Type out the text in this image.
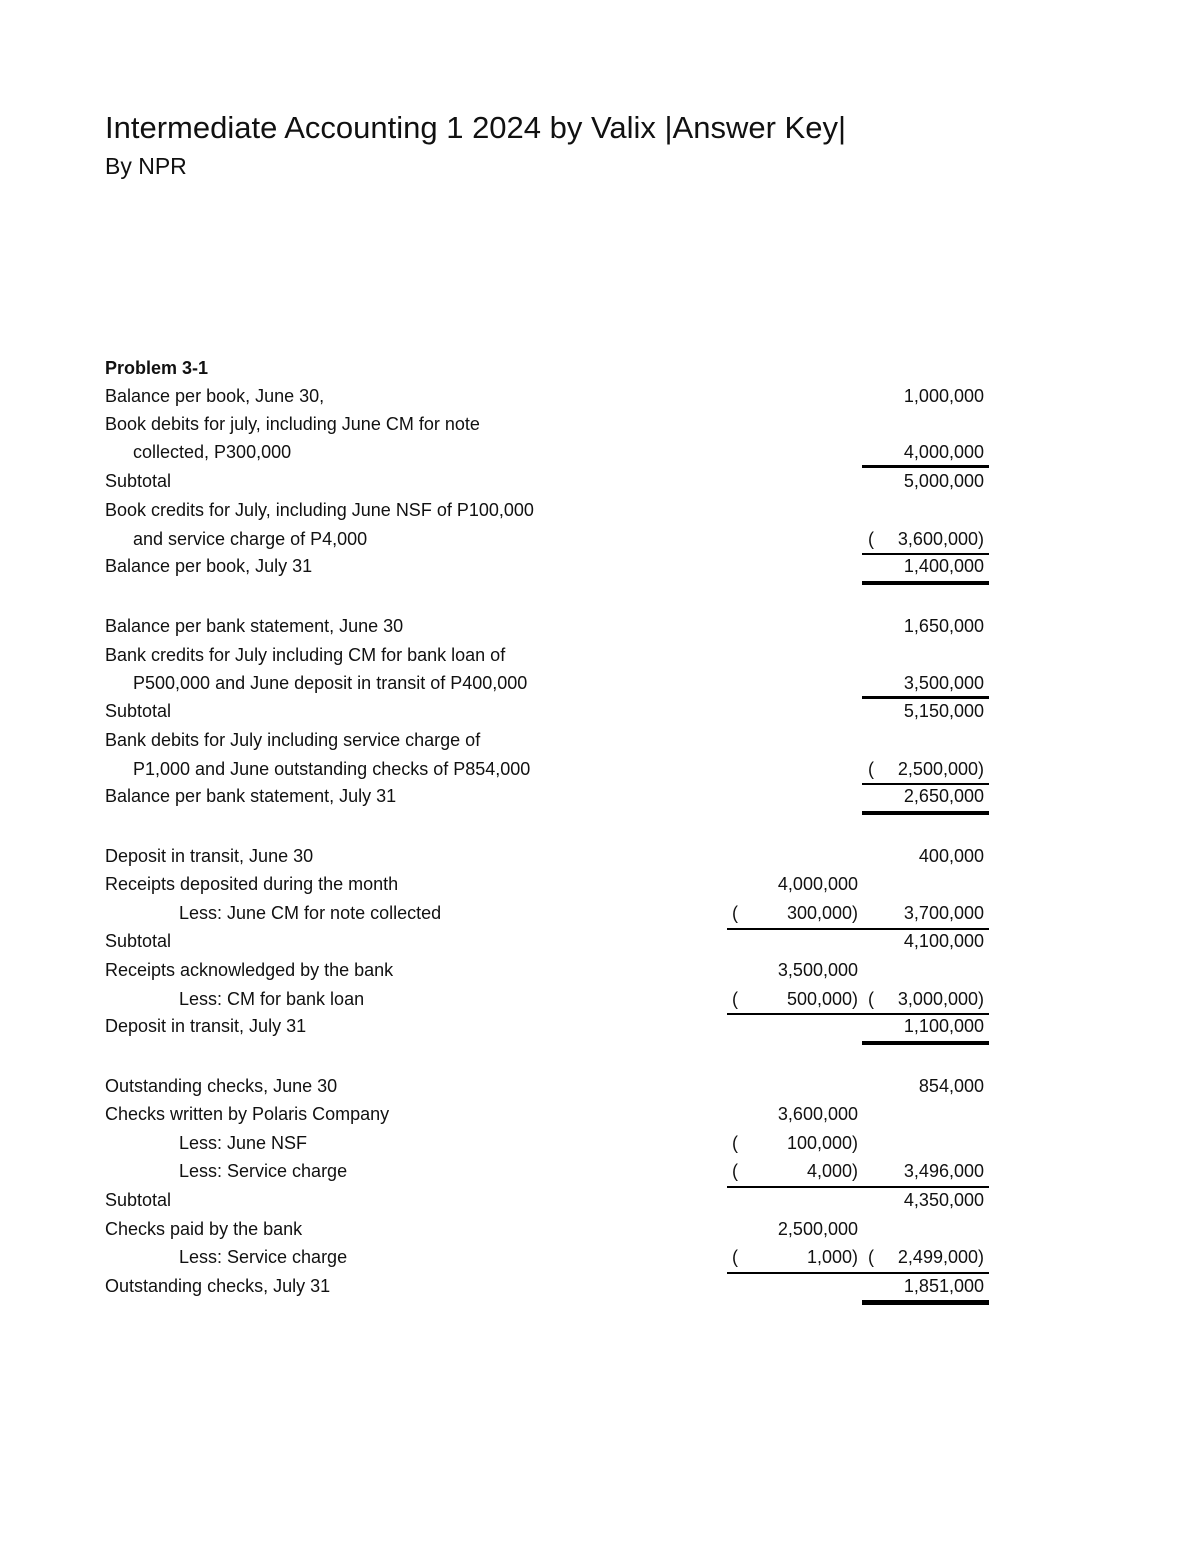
Intermediate Accounting 1 2024 by Valix |Answer Key|
By NPR
Problem 3-1
Balance per book, June 30,	1,000,000
Book debits for july, including June CM for note
collected, P300,000	4,000,000
Subtotal	5,000,000
Book credits for July, including June NSF of P100,000
and service charge of P4,000	(	3,600,000)
Balance per book, July 31	1,400,000
Balance per bank statement, June 30	1,650,000
Bank credits for July including CM for bank loan of
P500,000 and June deposit in transit of P400,000	3,500,000
Subtotal	5,150,000
Bank debits for July including service charge of
P1,000 and June outstanding checks of P854,000	(	2,500,000)
Balance per bank statement, July 31	2,650,000
Deposit in transit, June 30	400,000
Receipts deposited during the month	4,000,000
Less: June CM for note collected	(	300,000)	3,700,000
Subtotal	4,100,000
Receipts acknowledged by the bank	3,500,000
Less: CM for bank loan	(	500,000) (	3,000,000)
Deposit in transit, July 31	1,100,000
Outstanding checks, June 30	854,000
Checks written by Polaris Company	3,600,000
Less: June NSF	(	100,000)
Less: Service charge	(	4,000)	3,496,000
Subtotal	4,350,000
Checks paid by the bank	2,500,000
Less: Service charge	(	1,000) (	2,499,000)
Outstanding checks, July 31	1,851,000
